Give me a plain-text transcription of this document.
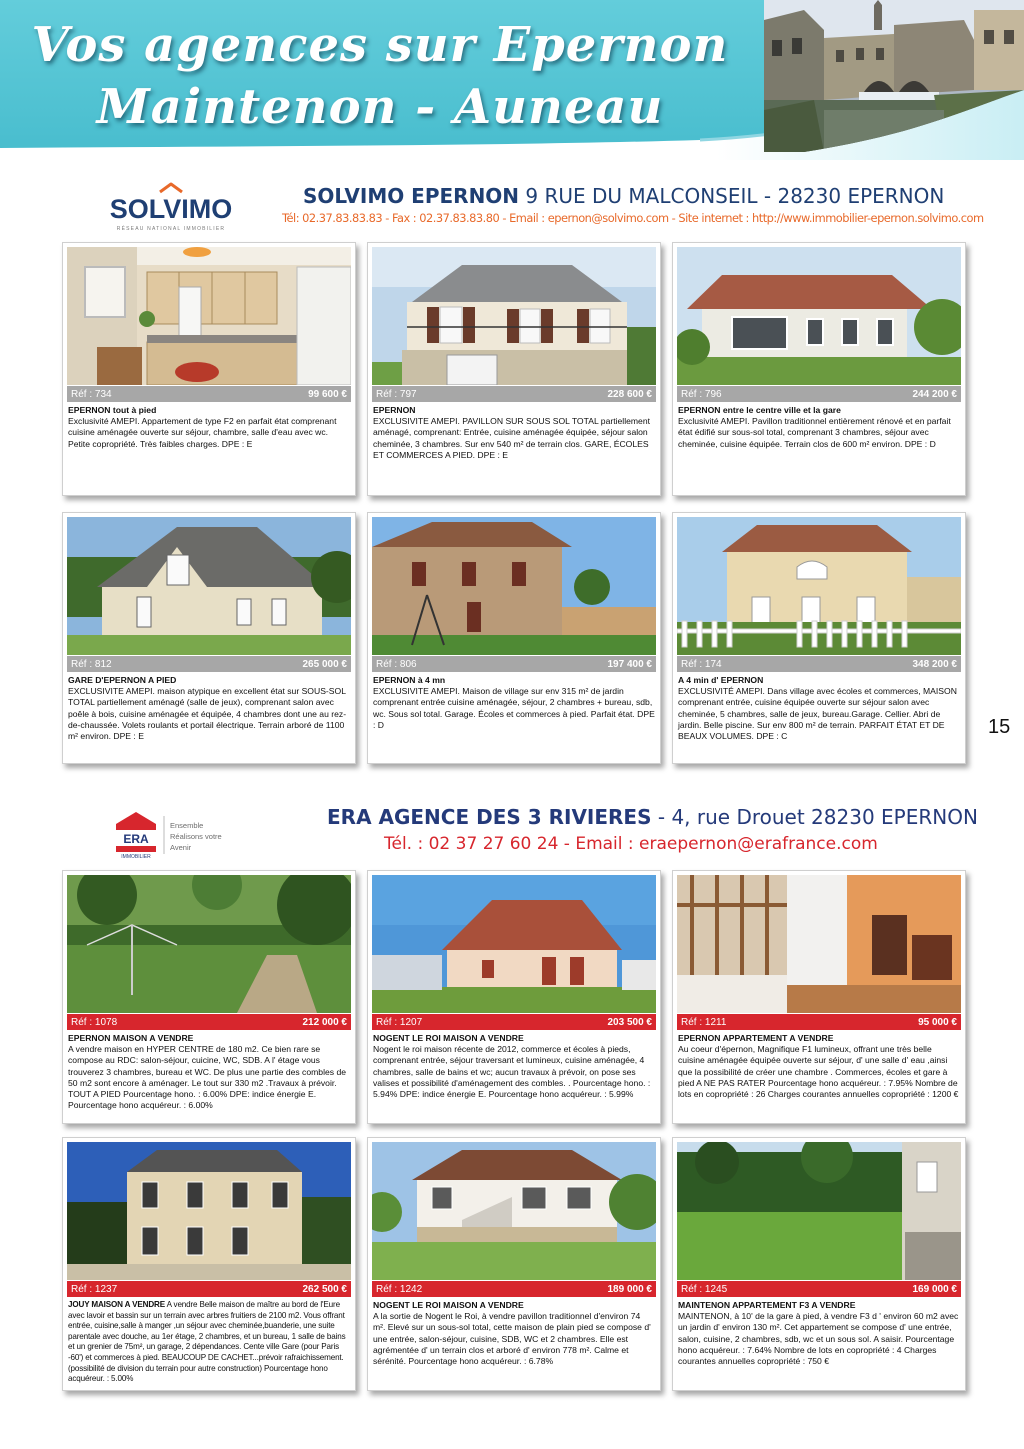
Vos agences sur Epernon
Maintenon - Auneau
SOLVIMO
RÉSEAU NATIONAL IMMOBILIER
SOLVIMO EPERNON 9 RUE DU MALCONSEIL - 28230 EPERNON
Tél: 02.37.83.83.83 - Fax : 02.37.83.83.80 - Email : epernon@solvimo.com - Site internet : http://www.immobilier-epernon.solvimo.com
Réf : 734	99 600 €
EPERNON tout à pied
Exclusivité AMEPI. Appartement de type F2 en parfait état comprenant cuisine aménagée ouverte sur séjour, chambre, salle d'eau avec wc. Petite copropriété. Très faibles charges. DPE : E
Réf : 797	228 600 €
EPERNON
EXCLUSIVITE AMEPI. PAVILLON SUR SOUS SOL TOTAL partiellement aménagé, comprenant: Entrée, cuisine aménagée équipée, séjour salon cheminée, 3 chambres. Sur env 540 m² de terrain clos. GARE, ÉCOLES ET COMMERCES A PIED. DPE : E
Réf : 796	244 200 €
EPERNON entre le centre ville et la gare
Exclusivité AMEPI. Pavillon traditionnel entièrement rénové et en parfait état édifié sur sous-sol total, comprenant 3 chambres, séjour avec cheminée, cuisine équipée. Terrain clos de 600 m² environ. DPE : D
Réf : 812	265 000 €
GARE D'EPERNON A PIED
EXCLUSIVITE AMEPI. maison atypique en excellent état sur SOUS-SOL TOTAL partiellement aménagé (salle de jeux), comprenant salon avec poêle à bois, cuisine aménagée et équipée, 4 chambres dont une au rez-de-chaussée. Volets roulants et portail électrique. Terrain arboré de 1100 m² environ. DPE : E
Réf : 806	197 400 €
EPERNON à 4 mn
EXCLUSIVITE AMEPI. Maison de village sur env 315 m² de jardin comprenant entrée cuisine aménagée, séjour, 2 chambres + bureau, sdb, wc. Sous sol total. Garage. Écoles et commerces à pied. Parfait état. DPE : D
Réf : 174	348 200 €
A 4 min d' EPERNON
EXCLUSIVITÉ AMEPI. Dans village avec écoles et commerces, MAISON comprenant entrée, cuisine équipée ouverte sur séjour salon avec cheminée, 5 chambres, salle de jeux, bureau.Garage. Cellier. Abri de jardin. Belle piscine. Sur env 800 m² de terrain. PARFAIT ÉTAT ET DE BEAUX VOLUMES. DPE : C	15
ERA
IMMOBILIER
Ensemble
Réalisons votre
Avenir
ERA AGENCE DES 3 RIVIERES - 4, rue Drouet 28230 EPERNON
Tél. : 02 37 27 60 24 - Email : eraepernon@erafrance.com
Réf : 1078	212 000 €
EPERNON MAISON A VENDRE
A vendre maison en HYPER CENTRE de 180 m2. Ce bien rare se compose au RDC: salon-séjour, cuicine, WC, SDB. A l' étage vous trouverez 3 chambres, bureau et WC. De plus une partie des combles de 50 m2 sont encore à aménager. Le tout sur 330 m2 .Travaux à prévoir. TOUT A PIED Pourcentage hono. : 6.00% DPE: indice énergie E. Pourcentage hono acquéreur. : 6.00%
Réf : 1207	203 500 €
NOGENT LE ROI MAISON A VENDRE
Nogent le roi maison récente de 2012, commerce et écoles à pieds, comprenant entrée, séjour traversant et lumineux, cuisine aménagée, 4 chambres, salle de bains et wc; aucun travaux à prévoir, on pose ses valises et possibilité d'aménagement des combles. . Pourcentage hono. : 5.94% DPE: indice énergie E. Pourcentage hono acquéreur. : 5.99%
Réf : 1211	95 000 €
EPERNON APPARTEMENT A VENDRE
Au coeur d'épernon, Magnifique F1 lumineux, offrant une très belle cuisine aménagée équipée ouverte sur séjour, d' une salle d' eau ,ainsi que la possibilité de créer une chambre . Commerces, écoles et gare à pied A NE PAS RATER Pourcentage hono acquéreur. : 7.95% Nombre de lots en copropriété : 26 Charges courantes annuelles copropriété : 1200 €
Réf : 1237	262 500 €
JOUY MAISON A VENDRE A vendre Belle maison de maître au bord de l'Eure avec lavoir et bassin sur un terrain avec arbres fruitiers de 2100 m2. Vous offrant entrée, cuisine,salle à manger ,un séjour avec cheminée,buanderie, une suite parentale avec douche, au 1er étage, 2 chambres, et un bureau, 1 salle de bains et un grenier de 75m², un garage, 2 dépendances. Cente ville Gare (pour Paris -60') et commerces à pied. BEAUCOUP DE CACHET...prévoir rafraichissement. (possibilité de division du terrain pour autre construction) Pourcentage hono acquéreur. : 5.00%
Réf : 1242	189 000 €
NOGENT LE ROI MAISON A VENDRE
A la sortie de Nogent le Roi, à vendre pavillon traditionnel d'environ 74 m². Elevé sur un sous-sol total, cette maison de plain pied se compose d' une entrée, salon-séjour, cuisine, SDB, WC et 2 chambres. Elle est agrémentée d' un terrain clos et arboré d' environ 778 m². Calme et sérénité. Pourcentage hono acquéreur. : 6.78%
Réf : 1245	169 000 €
MAINTENON APPARTEMENT F3 A VENDRE
MAINTENON, à 10' de la gare à pied, à vendre F3 d ' environ 60 m2 avec un jardin d' environ 130 m². Cet appartement se compose d' une entrée, salon, cuisine, 2 chambres, sdb, wc et un sous sol. A saisir. Pourcentage hono acquéreur. : 7.64% Nombre de lots en copropriété : 4 Charges courantes annuelles copropriété : 750 €
